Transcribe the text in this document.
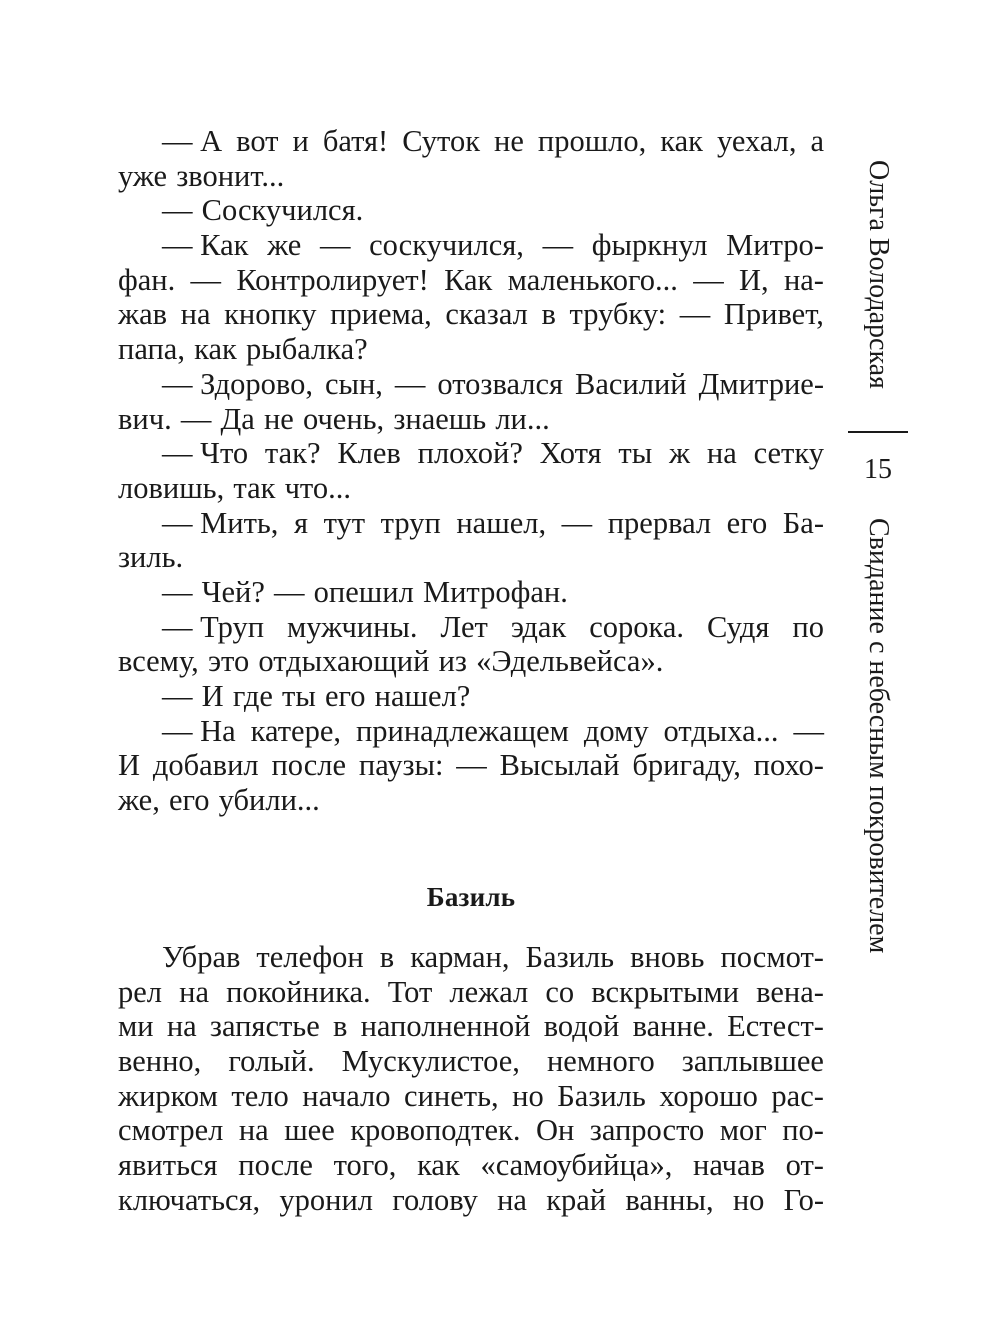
— А вот и батя! Суток не прошло, как уехал, а
уже звонит...
— Соскучился.
— Как же — соскучился, — фыркнул Митро-
фан. — Контролирует! Как маленького... — И, на-
жав на кнопку приема, сказал в трубку: — Привет,
папа, как рыбалка?
— Здорово, сын, — отозвался Василий Дмитрие-
вич. — Да не очень, знаешь ли...
— Что так? Клев плохой? Хотя ты ж на сетку
ловишь, так что...
— Мить, я тут труп нашел, — прервал его Ба-
зиль.
— Чей? — опешил Митрофан.
— Труп мужчины. Лет эдак сорока. Судя по
всему, это отдыхающий из «Эдельвейса».
— И где ты его нашел?
— На катере, принадлежащем дому отдыха... —
И добавил после паузы: — Высылай бригаду, похо-
же, его убили...
Базиль
Убрав телефон в карман, Базиль вновь посмот-
рел на покойника. Тот лежал со вскрытыми вена-
ми на запястье в наполненной водой ванне. Естест-
венно, голый. Мускулистое, немного заплывшее
жирком тело начало синеть, но Базиль хорошо рас-
смотрел на шее кровоподтек. Он запросто мог по-
явиться после того, как «самоубийца», начав от-
ключаться, уронил голову на край ванны, но Го-
Ольга Володарская
15
Свидание с небесным покровителем
